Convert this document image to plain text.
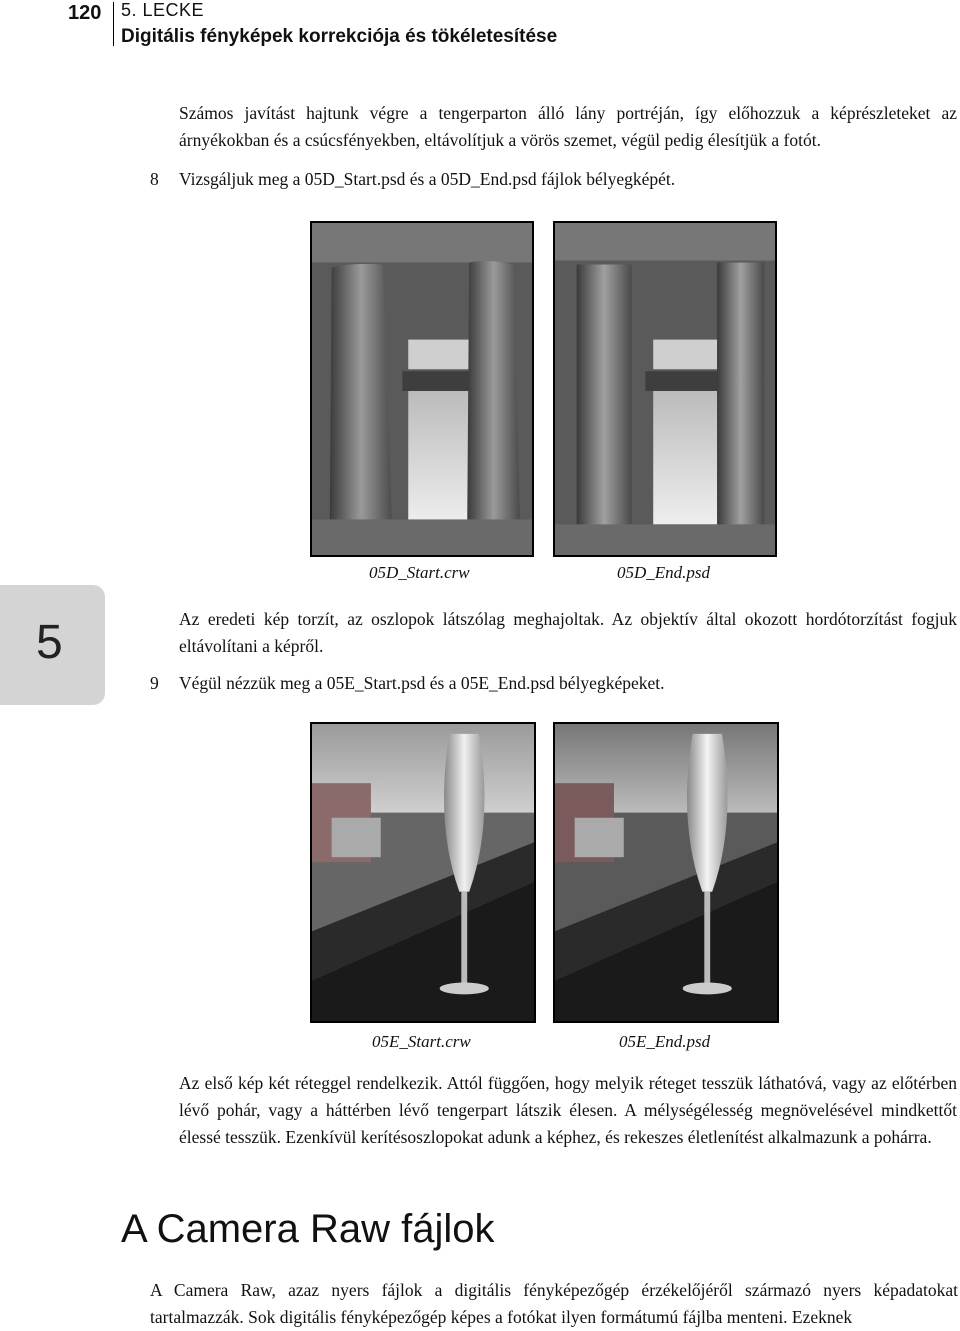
120 5. LECKE
Digitális fényképek korrekciója és tökéletesítése

Számos javítást hajtunk végre a tengerparton álló lány portréján, így előhozzuk a képrészleteket az árnyékokban és a csúcsfényekben, eltávolítjuk a vörös szemet, végül pedig élesítjük a fotót.

8 Vizsgáljuk meg a 05D_Start.psd és a 05D_End.psd fájlok bélyegképét.

05D_Start.crw	05D_End.psd
5	Az eredeti kép torzít, az oszlopok látszólag meghajoltak. Az objektív által okozott hordótorzítást fogjuk eltávolítani a képről.

9 Végül nézzük meg a 05E_Start.psd és a 05E_End.psd bélyegképeket.

05E_Start.crw	05E_End.psd

Az első kép két réteggel rendelkezik. Attól függően, hogy melyik réteget tesszük láthatóvá, vagy az előtérben lévő pohár, vagy a háttérben lévő tengerpart látszik élesen. A mélységélesség megnövelésével mindkettőt élessé tesszük. Ezenkívül kerítésoszlopokat adunk a képhez, és rekeszes életlenítést alkalmazunk a pohárra.

A Camera Raw fájlok

A Camera Raw, azaz nyers fájlok a digitális fényképezőgép érzékelőjéről származó nyers képadatokat tartalmazzák. Sok digitális fényképezőgép képes a fotókat ilyen formátumú fájlba menteni. Ezeknek
